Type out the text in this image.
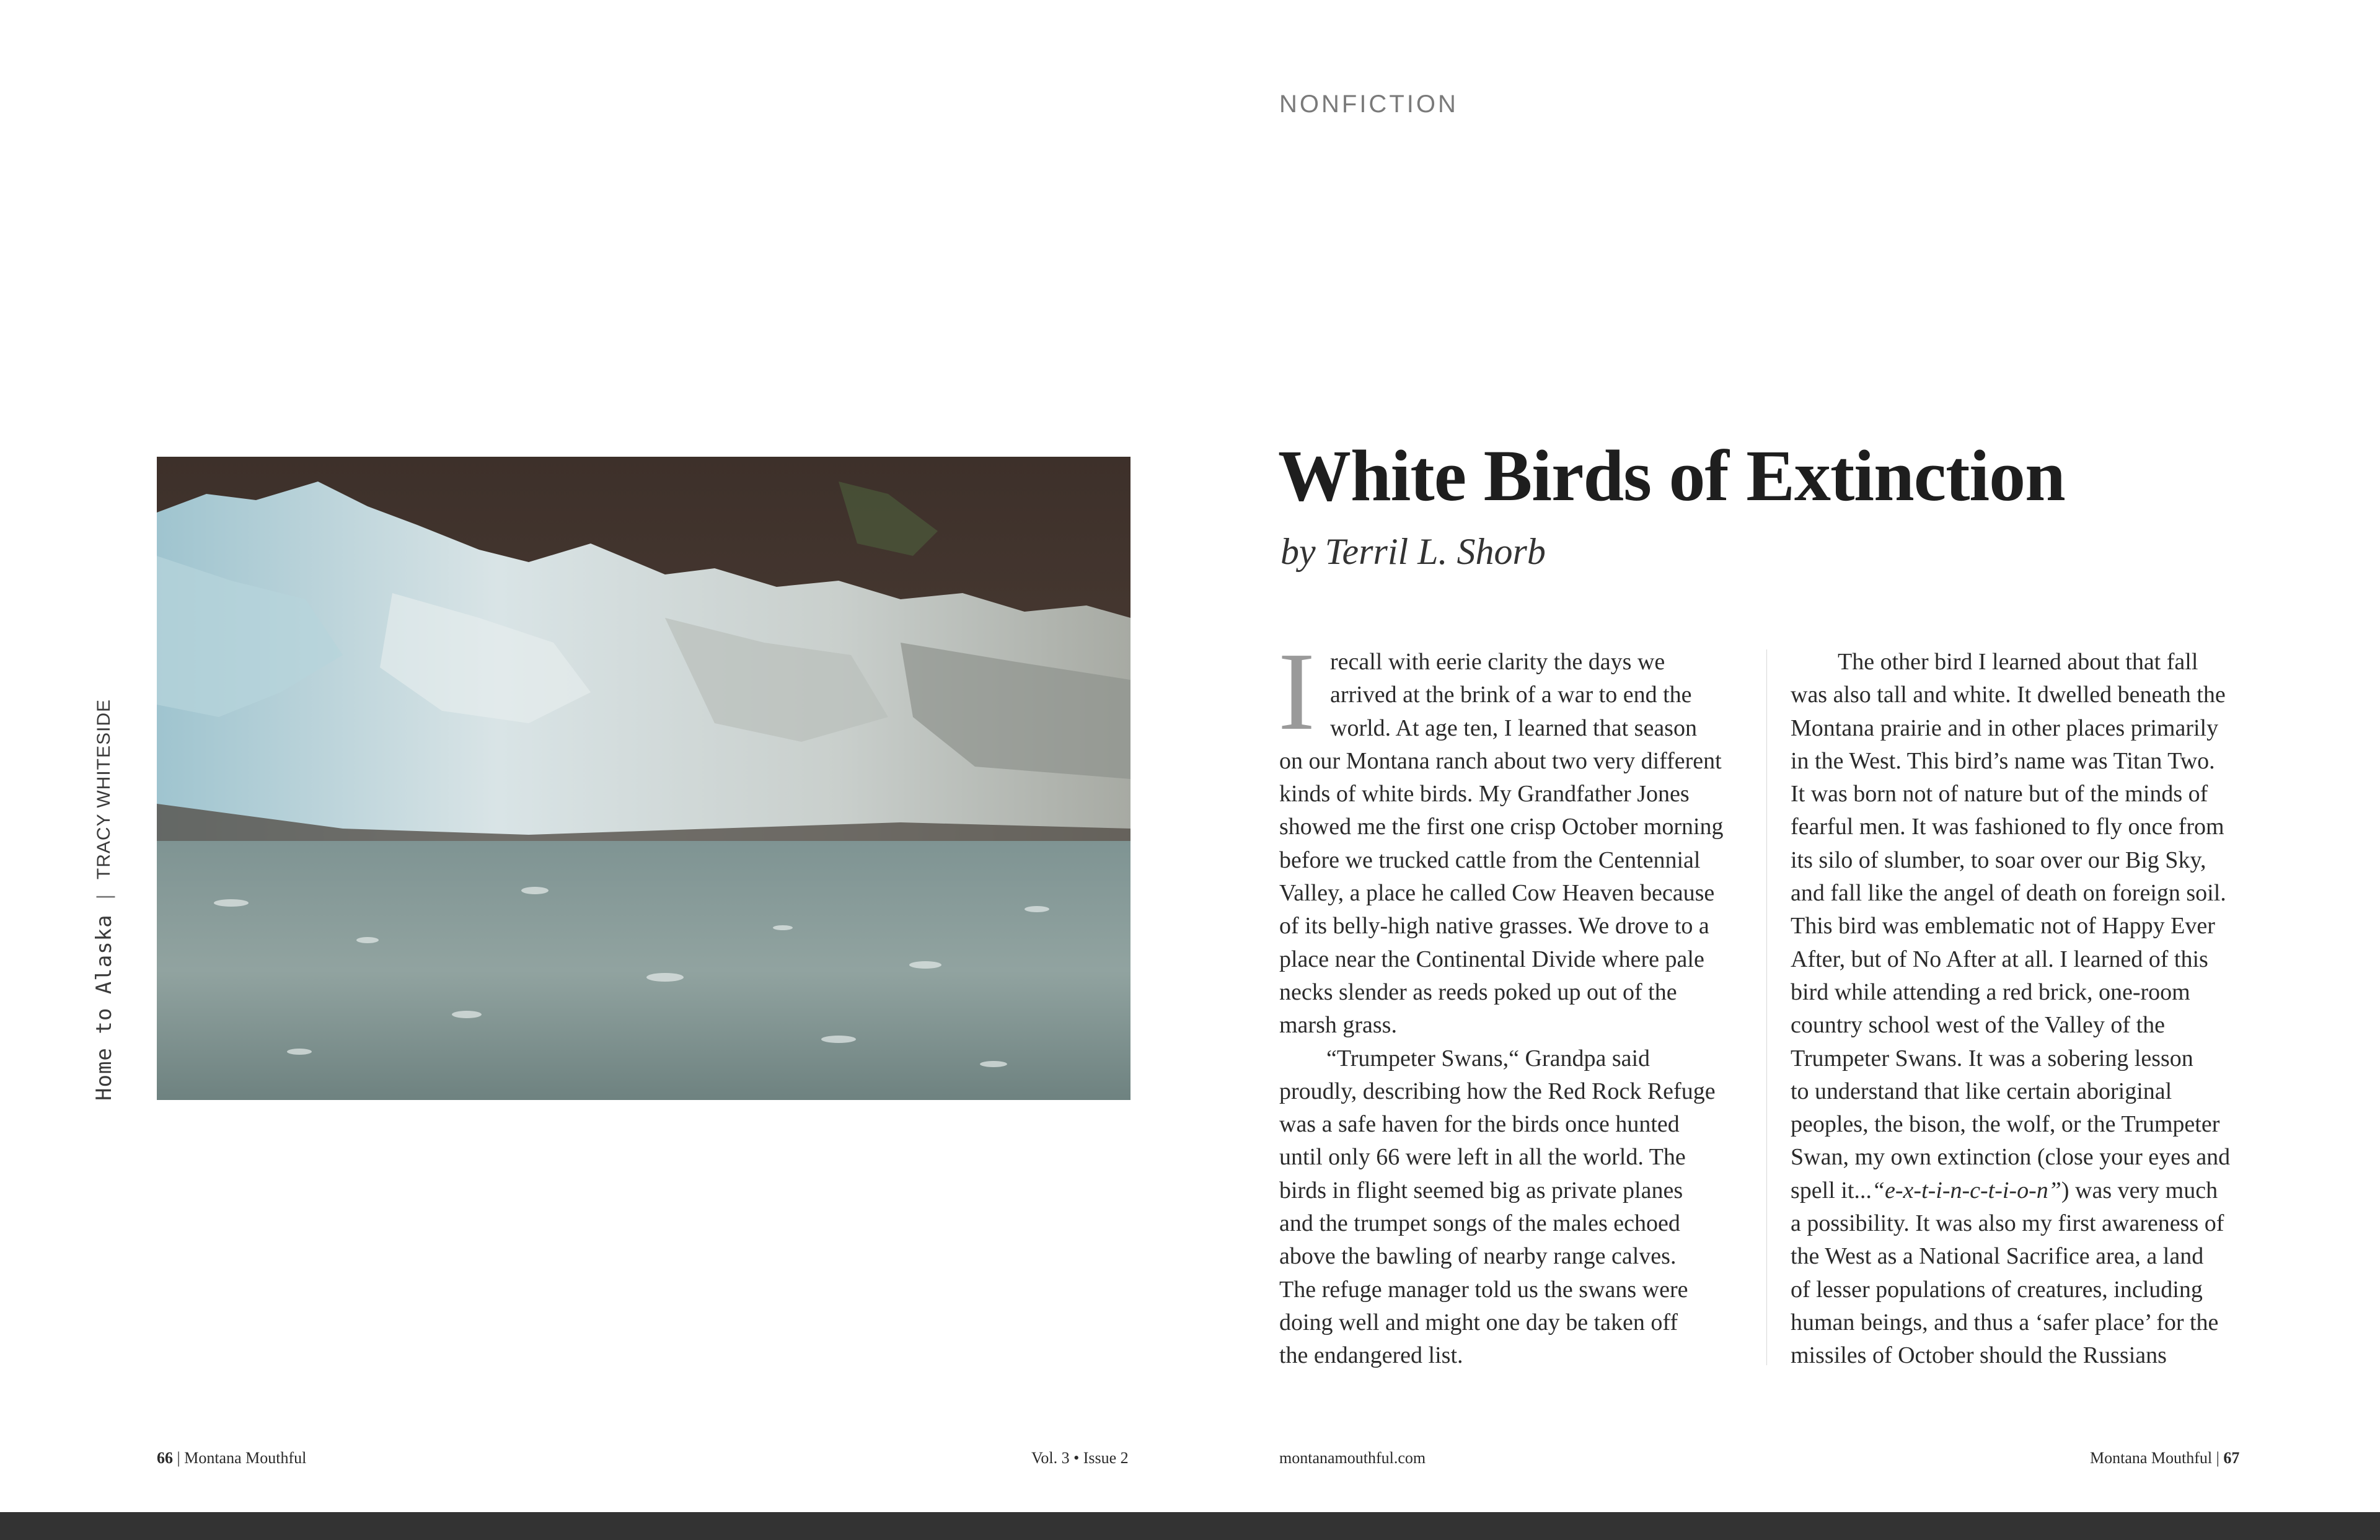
Home to Alaska
|
TRACY WHITESIDE
66 | Montana Mouthful	Vol. 3 • Issue 2
NONFICTION
White Birds of Extinction
by Terril L. Shorb
I recall with eerie clarity the days we

arrived at the brink of a war to end the

world. At age ten, I learned that season

on our Montana ranch about two very different

kinds of white birds. My Grandfather Jones

showed me the first one crisp October morning

before we trucked cattle from the Centennial

Valley, a place he called Cow Heaven because

of its belly-high native grasses. We drove to a

place near the Continental Divide where pale

necks slender as reeds poked up out of the

marsh grass.

“Trumpeter Swans,“ Grandpa said

proudly, describing how the Red Rock Refuge

was a safe haven for the birds once hunted

until only 66 were left in all the world. The

birds in flight seemed big as private planes

and the trumpet songs of the males echoed

above the bawling of nearby range calves.

The refuge manager told us the swans were

doing well and might one day be taken off

the endangered list.

The other bird I learned about that fall

was also tall and white. It dwelled beneath the

Montana prairie and in other places primarily

in the West. This bird’s name was Titan Two.

It was born not of nature but of the minds of

fearful men. It was fashioned to fly once from

its silo of slumber, to soar over our Big Sky,

and fall like the angel of death on foreign soil.

This bird was emblematic not of Happy Ever

After, but of No After at all. I learned of this

bird while attending a red brick, one-room

country school west of the Valley of the

Trumpeter Swans. It was a sobering lesson

to understand that like certain aboriginal

peoples, the bison, the wolf, or the Trumpeter

Swan, my own extinction (close your eyes and

spell it...“e-x-t-i-n-c-t-i-o-n”) was very much

a possibility. It was also my first awareness of

the West as a National Sacrifice area, a land

of lesser populations of creatures, including

human beings, and thus a ‘safer place’ for the

missiles of October should the Russians

montanamouthful.com	Montana Mouthful | 67
